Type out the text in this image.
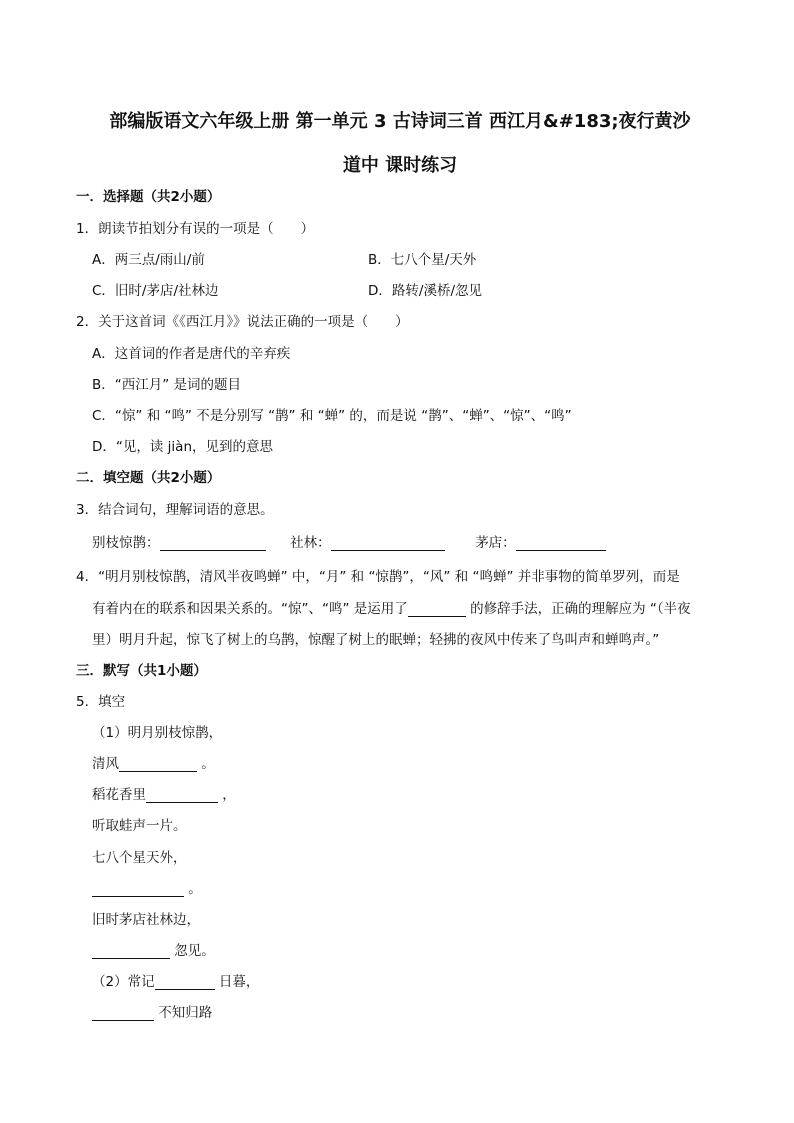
部编版语文六年级上册 第一单元 3 古诗词三首 西江月&#183;夜行黄沙
道中 课时练习
一．选择题（共2小题）
1．朗读节拍划分有误的一项是（　　）
A．两三点/雨山/前	B．七八个星/天外
C．旧时/茅店/社林边	D．路转/溪桥/忽见
2．关于这首词《《西江月》》说法正确的一项是（　　）
A．这首词的作者是唐代的辛弃疾
B．“西江月” 是词的题目
C．“惊” 和 “鸣” 不是分别写 “鹊” 和 “蝉” 的，而是说 “鹊”、“蝉”、“惊”、“鸣”
D．“见，读 jiàn，见到的意思
二．填空题（共2小题）
3．结合词句，理解词语的意思。
别枝惊鹊：	社林：	茅店：
4．“明月别枝惊鹊，清风半夜鸣蝉” 中，“月” 和 “惊鹊”，“风” 和 “鸣蝉” 并非事物的简单罗列，而是
有着内在的联系和因果关系的。“惊”、“鸣” 是运用了	的修辞手法，正确的理解应为 “（半夜
里）明月升起，惊飞了树上的乌鹊，惊醒了树上的眠蝉；轻拂的夜风中传来了鸟叫声和蝉鸣声。”
三．默写（共1小题）
5．填空
（1）明月别枝惊鹊，
清风	。
稻花香里	，
听取蛙声一片。
七八个星天外，
。
旧时茅店社林边，
忽见。
（2）常记	日暮，
不知归路
